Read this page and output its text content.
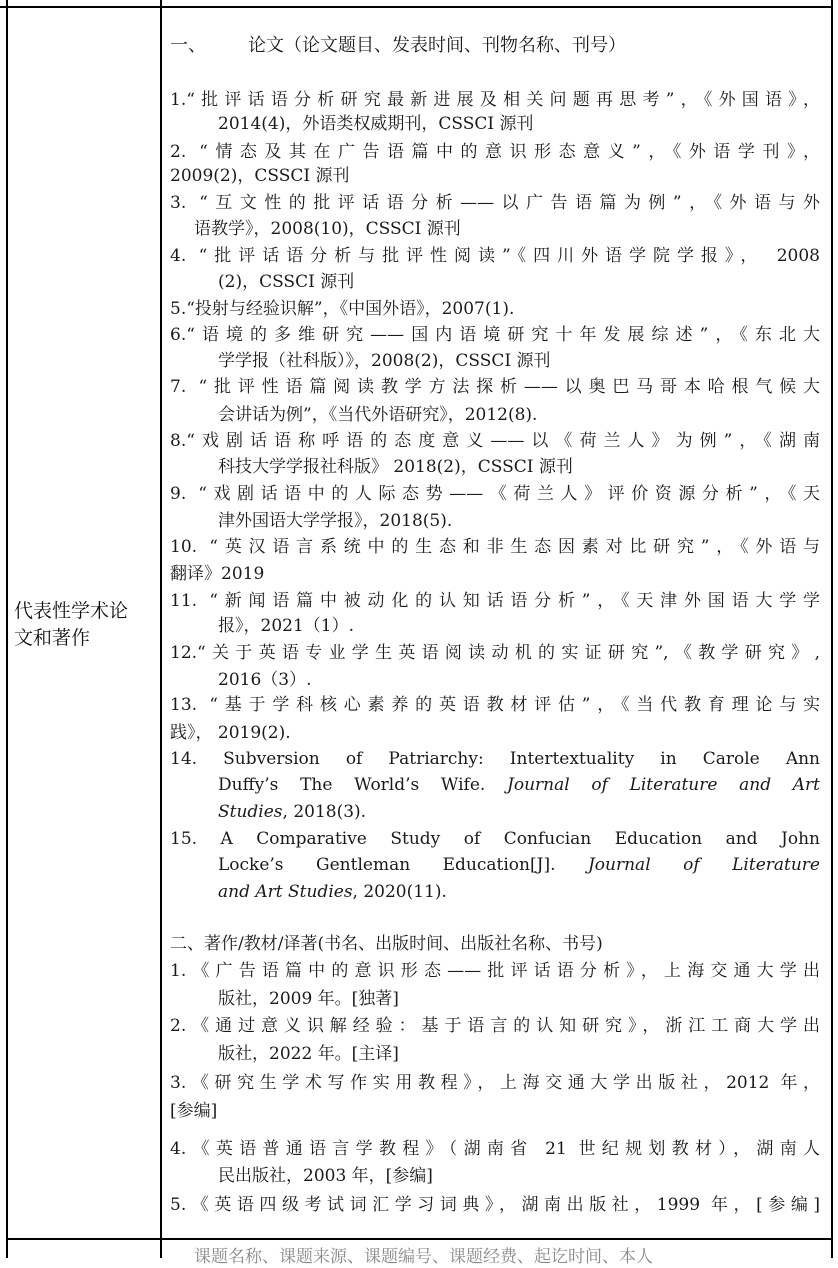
代表性学术论
文和著作
一、 论文（论文题目、发表时间、刊物名称、刊号）
1.“批评话语分析研究最新进展及相关问题再思考”，《外国语》，
2014(4)，外语类权威期刊，CSSCI 源刊
2. “情态及其在广告语篇中的意识形态意义”，《外语学刊》，
2009(2)，CSSCI 源刊
3. “互文性的批评话语分析——以广告语篇为例”，《外语与外
语教学》，2008(10)，CSSCI 源刊
4. “批评话语分析与批评性阅读”《四川外语学院学报》， 2008
(2)，CSSCI 源刊
5.“投射与经验识解”，《中国外语》，2007(1).
6.“语境的多维研究——国内语境研究十年发展综述”，《东北大
学学报（社科版）》，2008(2)，CSSCI 源刊
7. “批评性语篇阅读教学方法探析——以奥巴马哥本哈根气候大
会讲话为例”，《当代外语研究》，2012(8).
8.“戏剧话语称呼语的态度意义——以《荷兰人》为例”，《湖南
科技大学学报社科版》 2018(2)，CSSCI 源刊
9. “戏剧话语中的人际态势——《荷兰人》评价资源分析”，《天
津外国语大学学报》，2018(5).
10. “英汉语言系统中的生态和非生态因素对比研究”，《外语与
翻译》2019
11. “新闻语篇中被动化的认知话语分析”，《天津外国语大学学
报》，2021（1）.
12.“关于英语专业学生英语阅读动机的实证研究”,《教学研究》,
2016（3）.
13. “基于学科核心素养的英语教材评估”，《当代教育理论与实
践》， 2019(2).
14. Subversion of Patriarchy: Intertextuality in Carole Ann
Duffy’s The World’s Wife. Journal of Literature and Art
Studies, 2018(3).
15. A Comparative Study of Confucian Education and John
Locke’s Gentleman Education[J]. Journal of Literature
and Art Studies, 2020(11).
二、著作/教材/译著(书名、出版时间、出版社名称、书号)
1.《广告语篇中的意识形态——批评话语分析》，上海交通大学出
版社，2009 年。[独著]
2.《通过意义识解经验：基于语言的认知研究》，浙江工商大学出
版社，2022 年。[主译]
3.《研究生学术写作实用教程》，上海交通大学出版社，2012 年，
[参编]
4.《英语普通语言学教程》（湖南省 21 世纪规划教材），湖南人
民出版社，2003 年，[参编]
5.《英语四级考试词汇学习词典》，湖南出版社，1999 年，[参编]
课题名称、课题来源、课题编号、课题经费、起讫时间、本人
